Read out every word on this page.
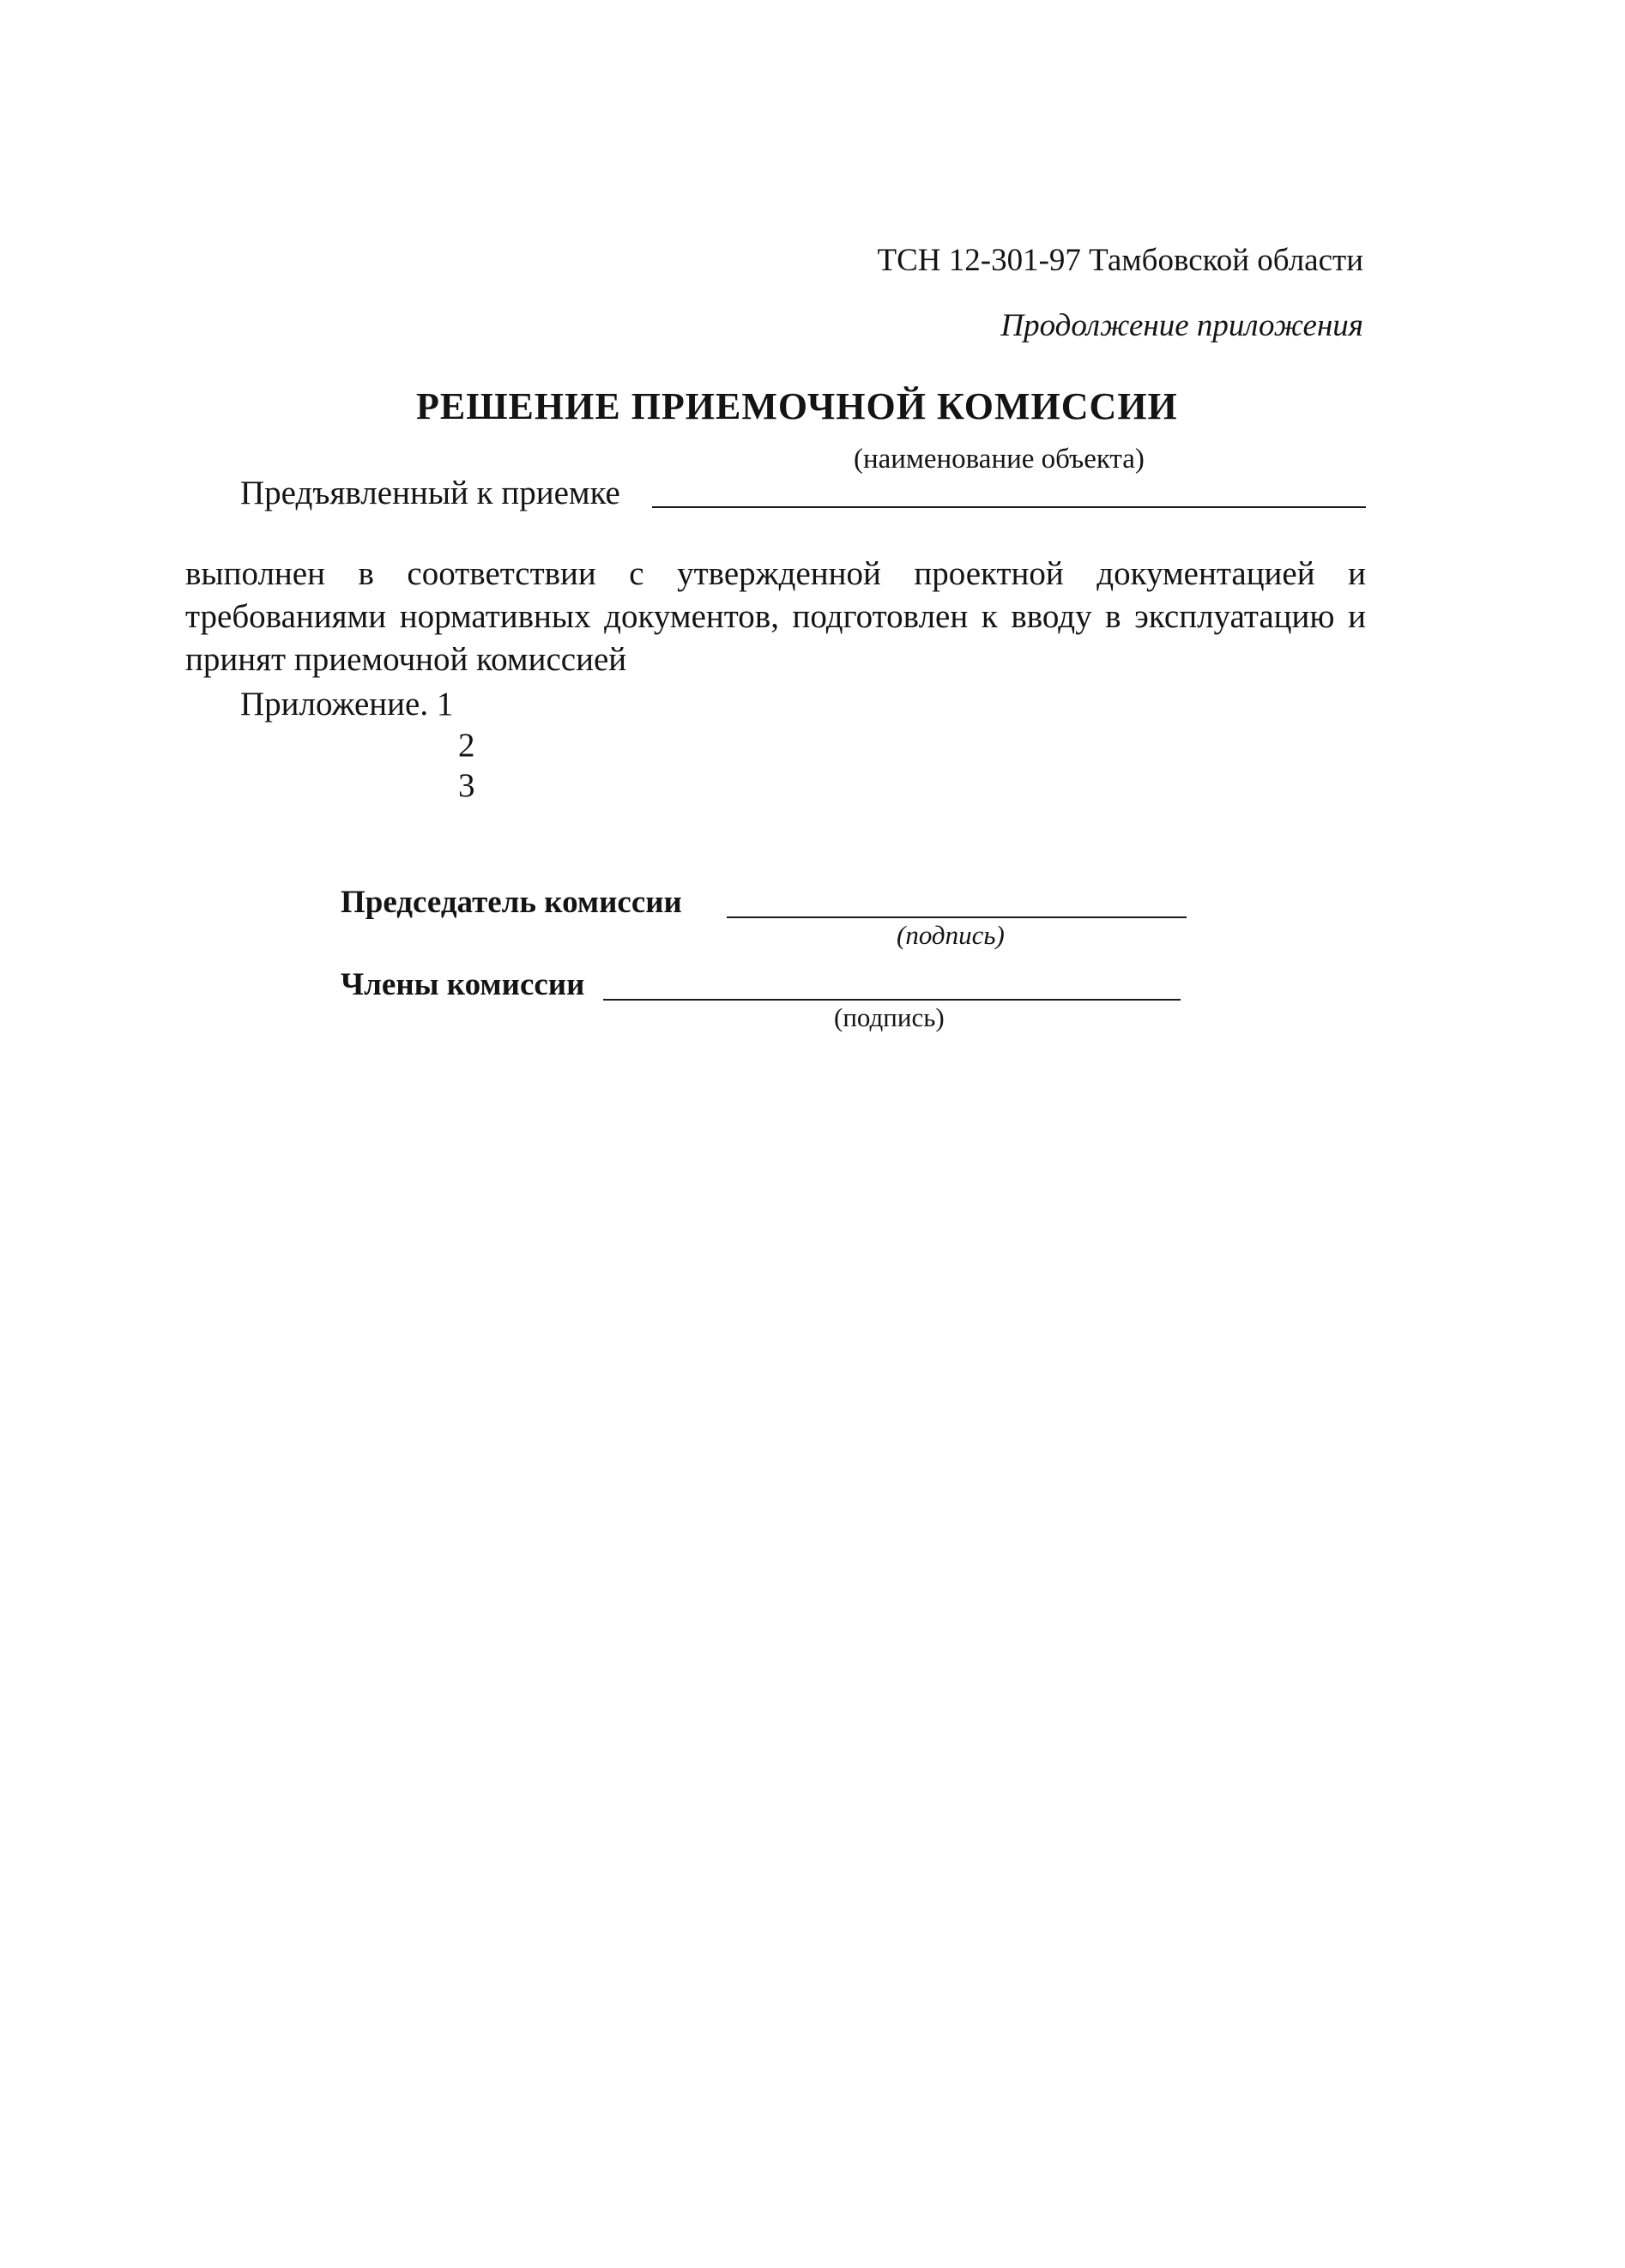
ТСН 12-301-97 Тамбовской области
Продолжение приложения
РЕШЕНИЕ ПРИЕМОЧНОЙ КОМИССИИ
(наименование объекта)
Предъявленный к приемке
выполнен в соответствии с утвержденной проектной документацией и требованиями нормативных документов, подготовлен к вводу в эксплуатацию и принят приемочной комиссией
Приложение. 1
2
3
Председатель комиссии
(подпись)
Члены комиссии
(подпись)
